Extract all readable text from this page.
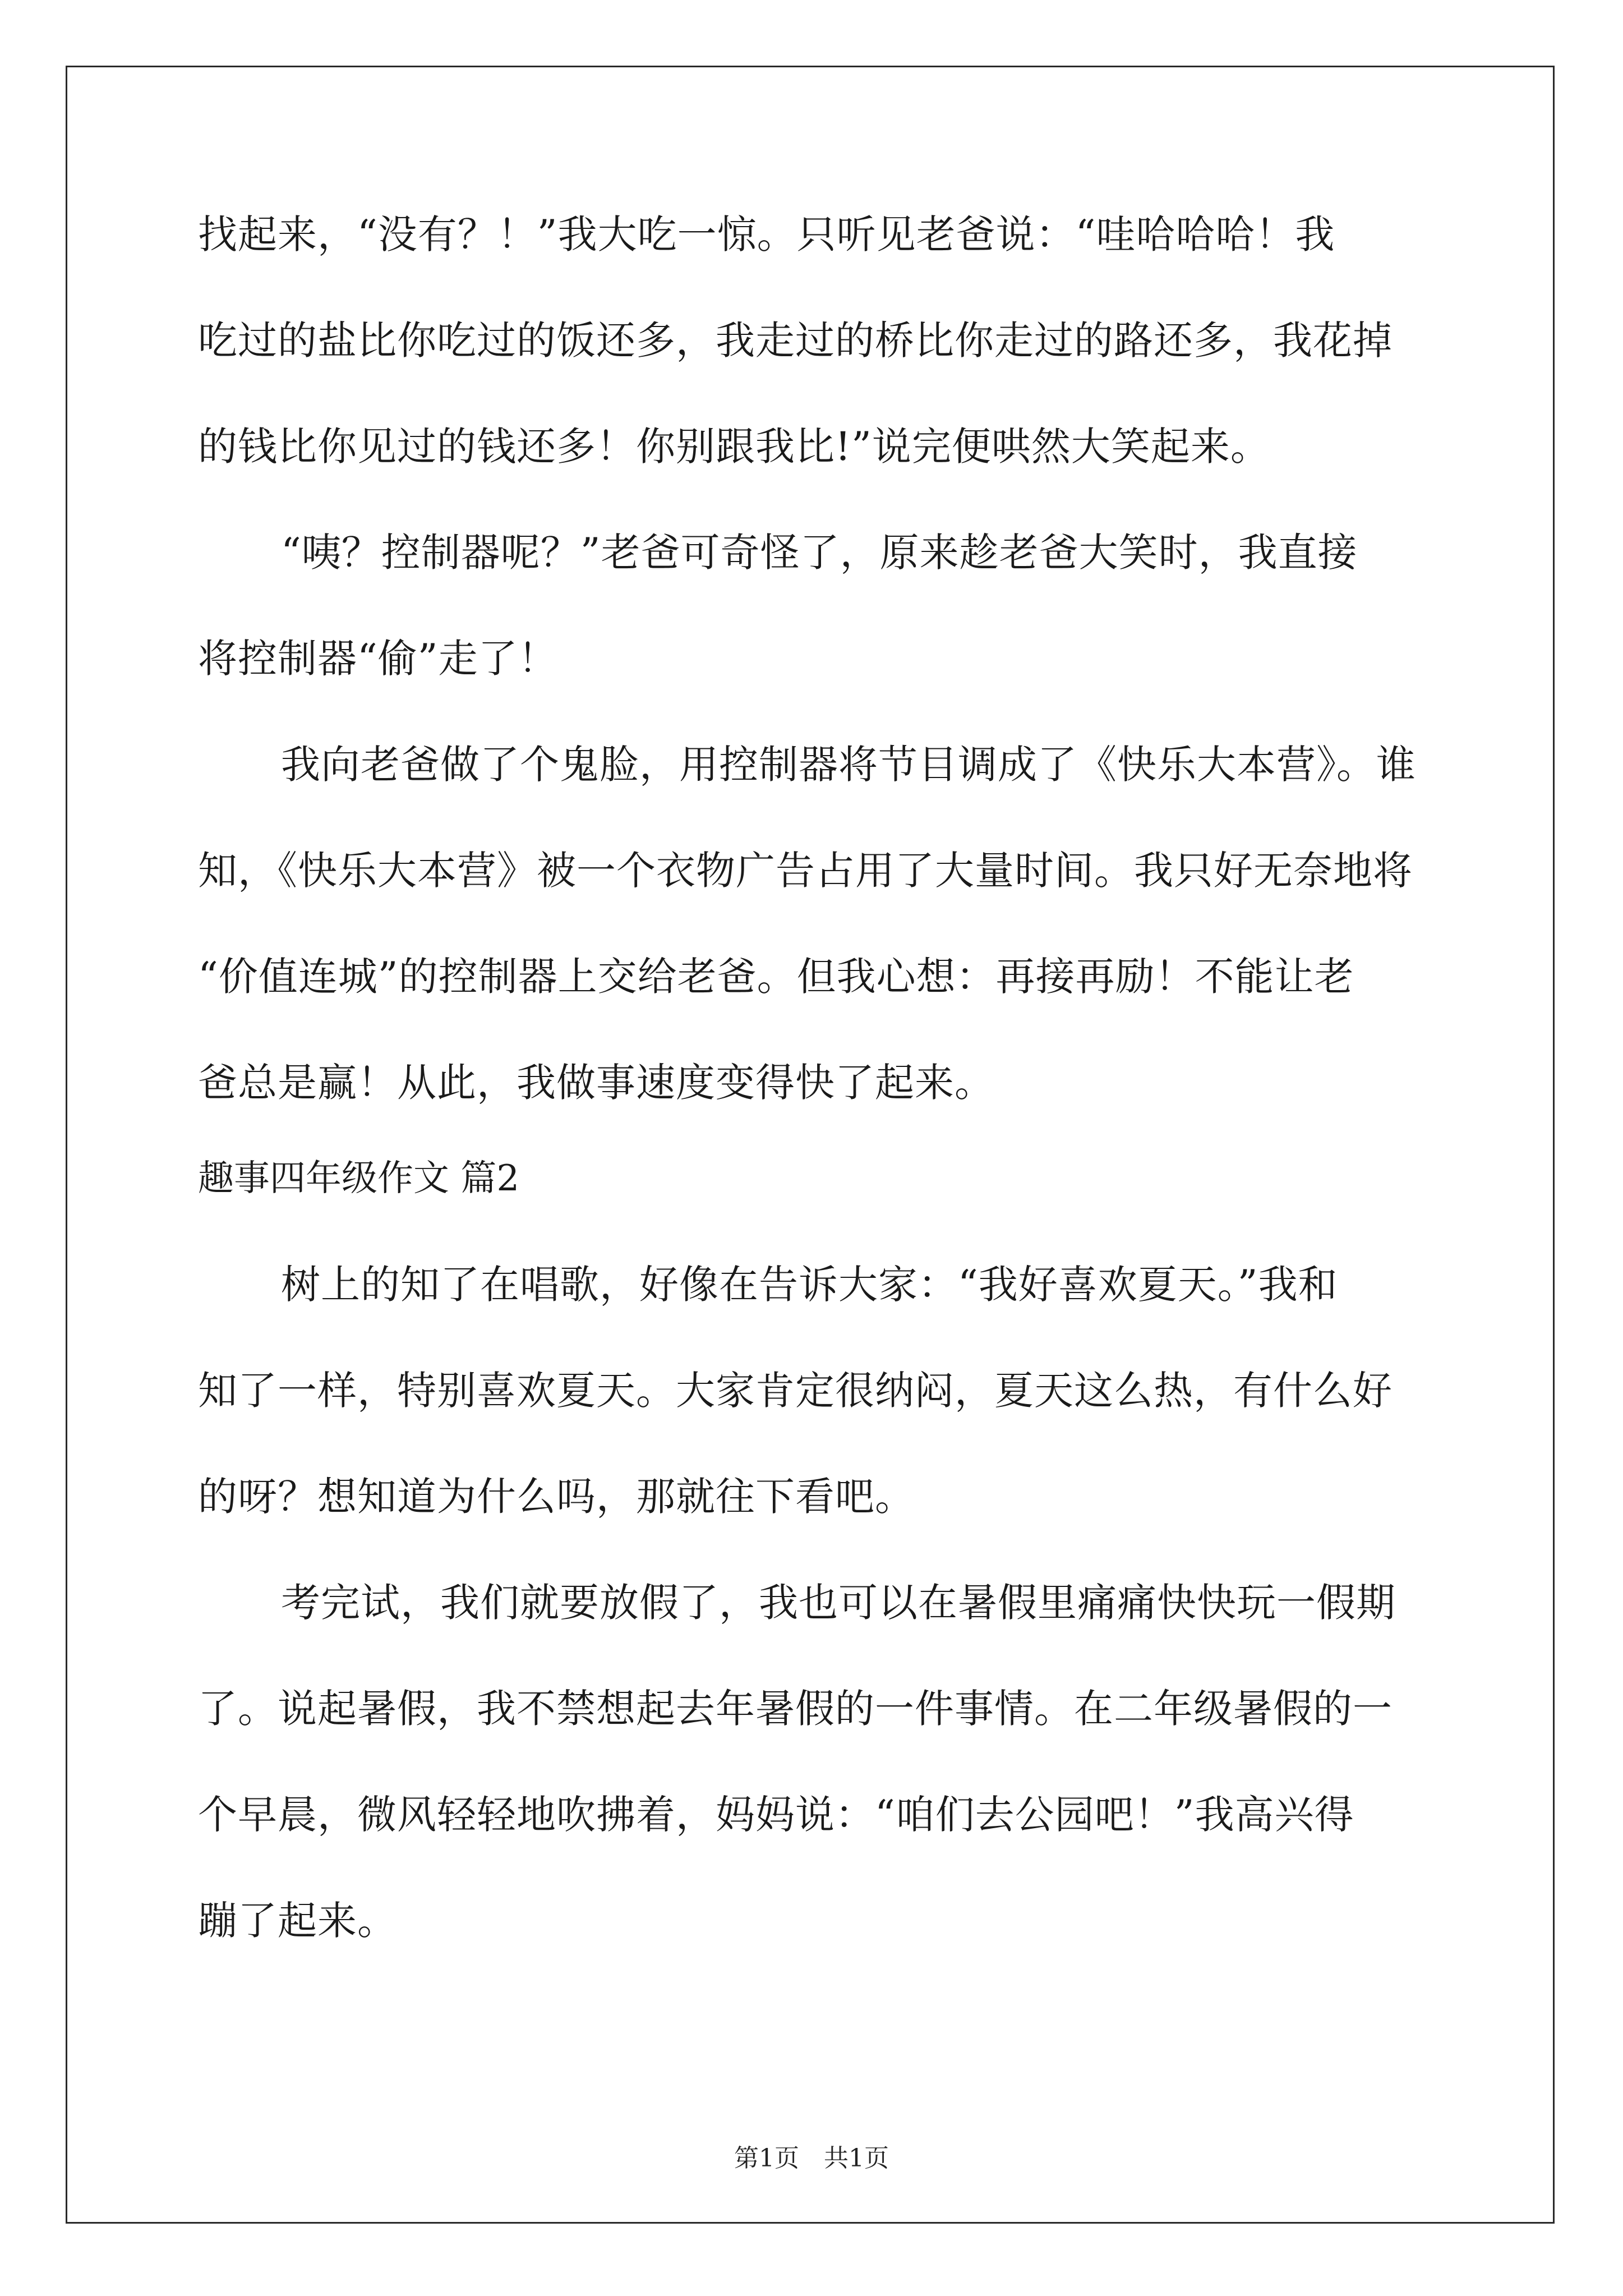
找起来，“没有？！”我大吃一惊。只听见老爸说：“哇哈哈哈！我

吃过的盐比你吃过的饭还多，我走过的桥比你走过的路还多，我花掉

的钱比你见过的钱还多！你别跟我比!”说完便哄然大笑起来。

“咦？控制器呢？”老爸可奇怪了，原来趁老爸大笑时，我直接

将控制器“偷”走了！

我向老爸做了个鬼脸，用控制器将节目调成了《快乐大本营》。谁

知，《快乐大本营》被一个衣物广告占用了大量时间。我只好无奈地将

“价值连城”的控制器上交给老爸。但我心想：再接再励！不能让老

爸总是赢！从此，我做事速度变得快了起来。

趣事四年级作文 篇2

树上的知了在唱歌，好像在告诉大家：“我好喜欢夏天。”我和

知了一样，特别喜欢夏天。大家肯定很纳闷，夏天这么热，有什么好

的呀？想知道为什么吗，那就往下看吧。

考完试，我们就要放假了，我也可以在暑假里痛痛快快玩一假期

了。说起暑假，我不禁想起去年暑假的一件事情。在二年级暑假的一

个早晨，微风轻轻地吹拂着，妈妈说：“咱们去公园吧！”我高兴得

蹦了起来。

第1页　共1页
